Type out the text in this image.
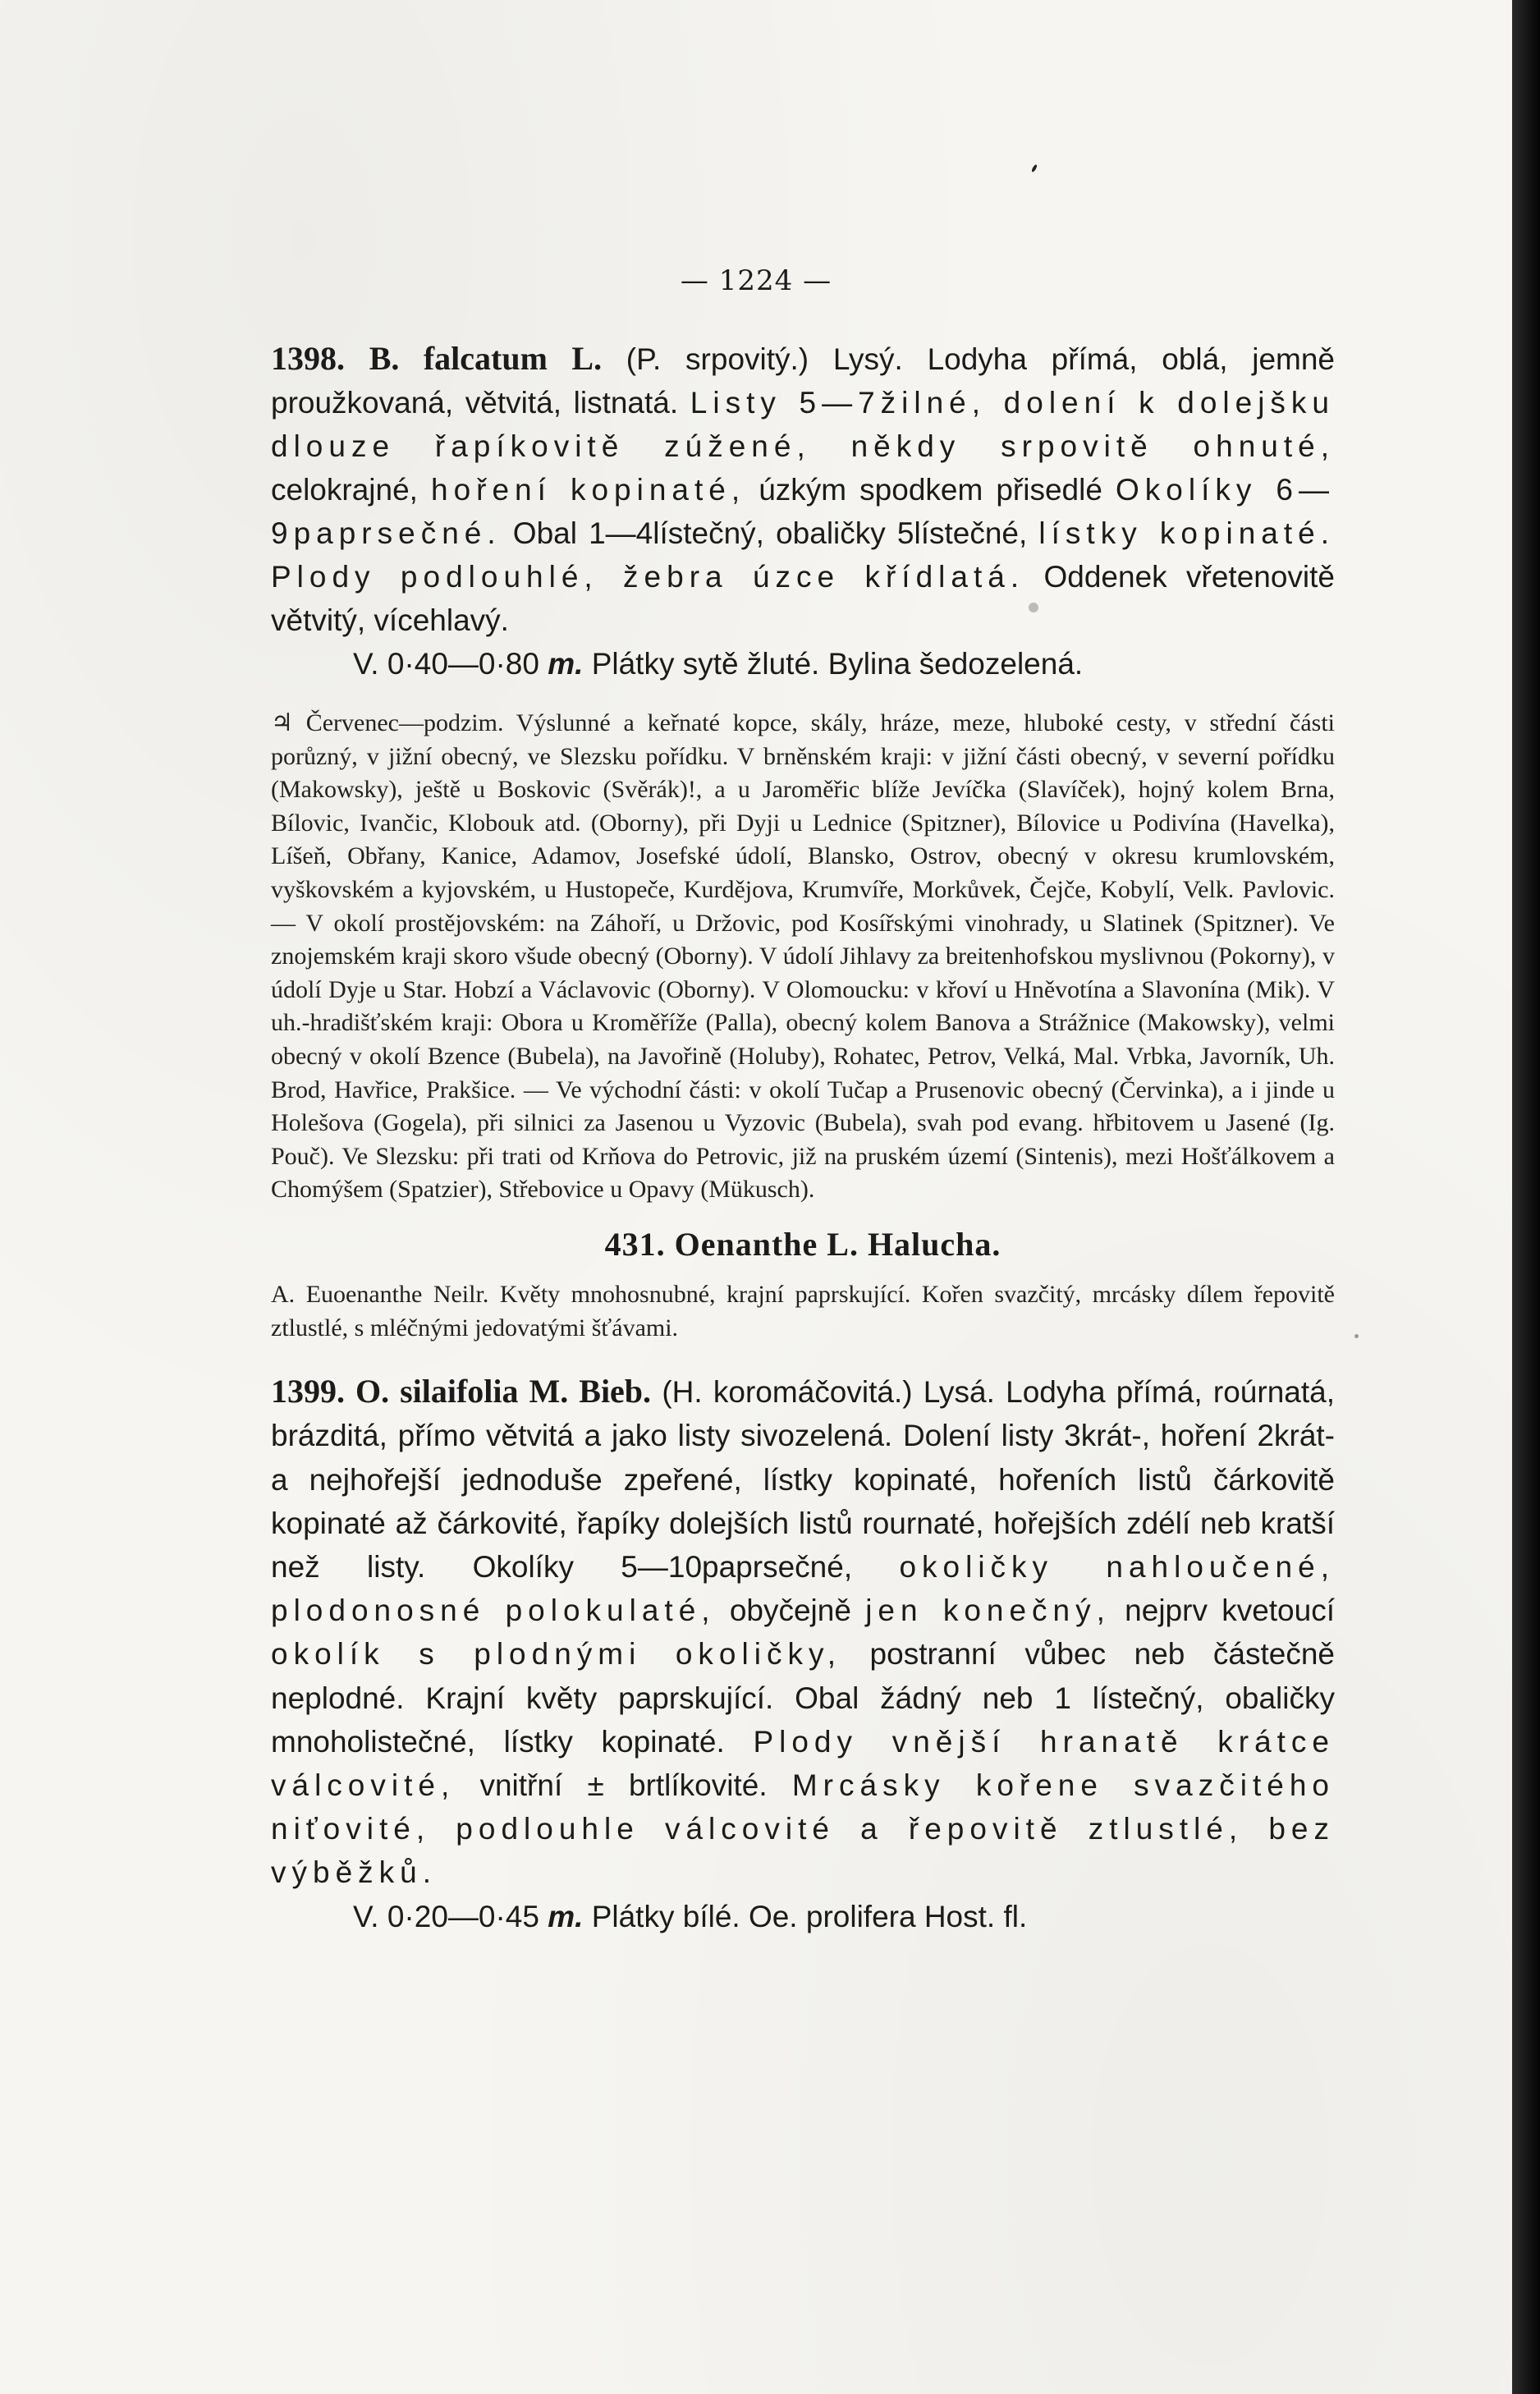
— 1224 —

1398. B. falcatum L. (P. srpovitý.) Lysý. Lodyha přímá, oblá, jemně proužkovaná, větvitá, listnatá. Listy 5—7žilné, dolení k dolejšku dlouze řapíkovitě zúžené, někdy srpovitě ohnuté, celokrajné, hoření kopinaté, úzkým spodkem přisedlé Okolíky 6—9paprsečné. Obal 1—4lístečný, obaličky 5lístečné, lístky kopinaté. Plody podlouhlé, žebra úzce křídlatá. Oddenek vřetenovitě větvitý, vícehlavý.

V. 0·40—0·80 m. Plátky sytě žluté. Bylina šedozelená.

♃ Červenec—podzim. Výslunné a keřnaté kopce, skály, hráze, meze, hluboké cesty, v střední části porůzný, v jižní obecný, ve Slezsku pořídku. V brněnském kraji: v jižní části obecný, v severní pořídku (Makowsky), ještě u Boskovic (Svěrák)!, a u Jaroměřic blíže Jevíčka (Slavíček), hojný kolem Brna, Bílovic, Ivančic, Klobouk atd. (Oborny), při Dyji u Lednice (Spitzner), Bílovice u Podivína (Havelka), Líšeň, Obřany, Kanice, Adamov, Josefské údolí, Blansko, Ostrov, obecný v okresu krumlovském, vyškovském a kyjovském, u Hustopeče, Kurdějova, Krumvíře, Morkůvek, Čejče, Kobylí, Velk. Pavlovic. — V okolí prostějovském: na Záhoří, u Držovic, pod Kosířskými vinohrady, u Slatinek (Spitzner). Ve znojemském kraji skoro všude obecný (Oborny). V údolí Jihlavy za breitenhofskou myslivnou (Pokorny), v údolí Dyje u Star. Hobzí a Václavovic (Oborny). V Olomoucku: v křoví u Hněvotína a Slavonína (Mik). V uh.-hradišťském kraji: Obora u Kroměříže (Palla), obecný kolem Banova a Strážnice (Makowsky), velmi obecný v okolí Bzence (Bubela), na Javořině (Holuby), Rohatec, Petrov, Velká, Mal. Vrbka, Javorník, Uh. Brod, Havřice, Prakšice. — Ve východní části: v okolí Tučap a Prusenovic obecný (Červinka), a i jinde u Holešova (Gogela), při silnici za Jasenou u Vyzovic (Bubela), svah pod evang. hřbitovem u Jasené (Ig. Pouč). Ve Slezsku: při trati od Krňova do Petrovic, již na pruském území (Sintenis), mezi Hošťálkovem a Chomýšem (Spatzier), Střebovice u Opavy (Mükusch).

431. Oenanthe L. Halucha.

A. Euoenanthe Neilr. Květy mnohosnubné, krajní paprskující. Kořen svazčitý, mrcásky dílem řepovitě ztlustlé, s mléčnými jedovatými šťávami.

1399. O. silaifolia M. Bieb. (H. koromáčovitá.) Lysá. Lodyha přímá, roúrnatá, brázditá, přímo větvitá a jako listy sivozelená. Dolení listy 3krát-, hoření 2krát- a nejhořejší jednoduše zpeřené, lístky kopinaté, hořeních listů čárkovitě kopinaté až čárkovité, řapíky dolejších listů rournaté, hořejších zdélí neb kratší než listy. Okolíky 5—10paprsečné, okoličky nahloučené, plodonosné polokulaté, obyčejně jen konečný, nejprv kvetoucí okolík s plodnými okoličky, postranní vůbec neb částečně neplodné. Krajní květy paprskující. Obal žádný neb 1 lístečný, obaličky mnoholistečné, lístky kopinaté. Plody vnější hranatě krátce válcovité, vnitřní ± brtlíkovité. Mrcásky kořene svazčitého niťovité, podlouhle válcovité a řepovitě ztlustlé, bez výběžků.

V. 0·20—0·45 m. Plátky bílé. Oe. prolifera Host. fl.
